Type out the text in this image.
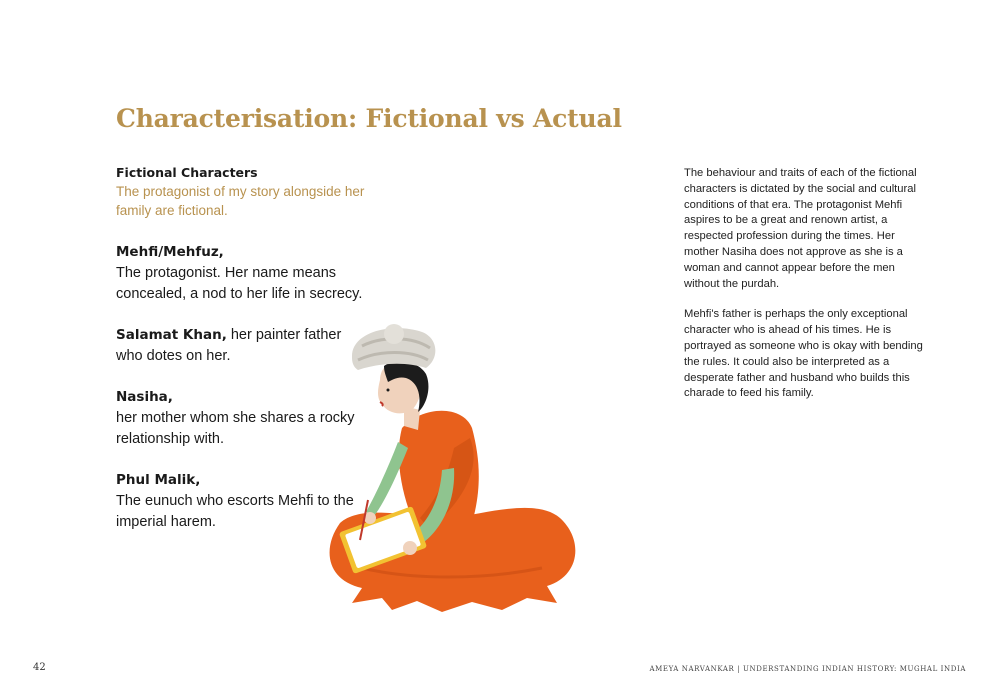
Characterisation: Fictional vs Actual

Fictional Characters

The protagonist of my story alongside her family are fictional.

Mehfi/Mehfuz,
The protagonist. Her name means concealed, a nod to her life in secrecy.
Salamat Khan, her painter father who dotes on her.
Nasiha,
her mother whom she shares a rocky relationship with.
Phul Malik,
The eunuch who escorts Mehfi to the imperial harem.

The behaviour and traits of each of the fictional characters is dictated by the social and cultural conditions of that era. The protagonist Mehfi aspires to be a great and renown artist, a respected profession during the times. Her mother Nasiha does not approve as she is a woman and cannot appear before the men without the purdah.

Mehfi's father is perhaps the only exceptional character who is ahead of his times. He is portrayed as someone who is okay with bending the rules. It could also be interpreted as a desperate father and husband who builds this charade to feed his family.

42	AMEYA NARVANKAR | UNDERSTANDING INDIAN HISTORY: MUGHAL INDIA
